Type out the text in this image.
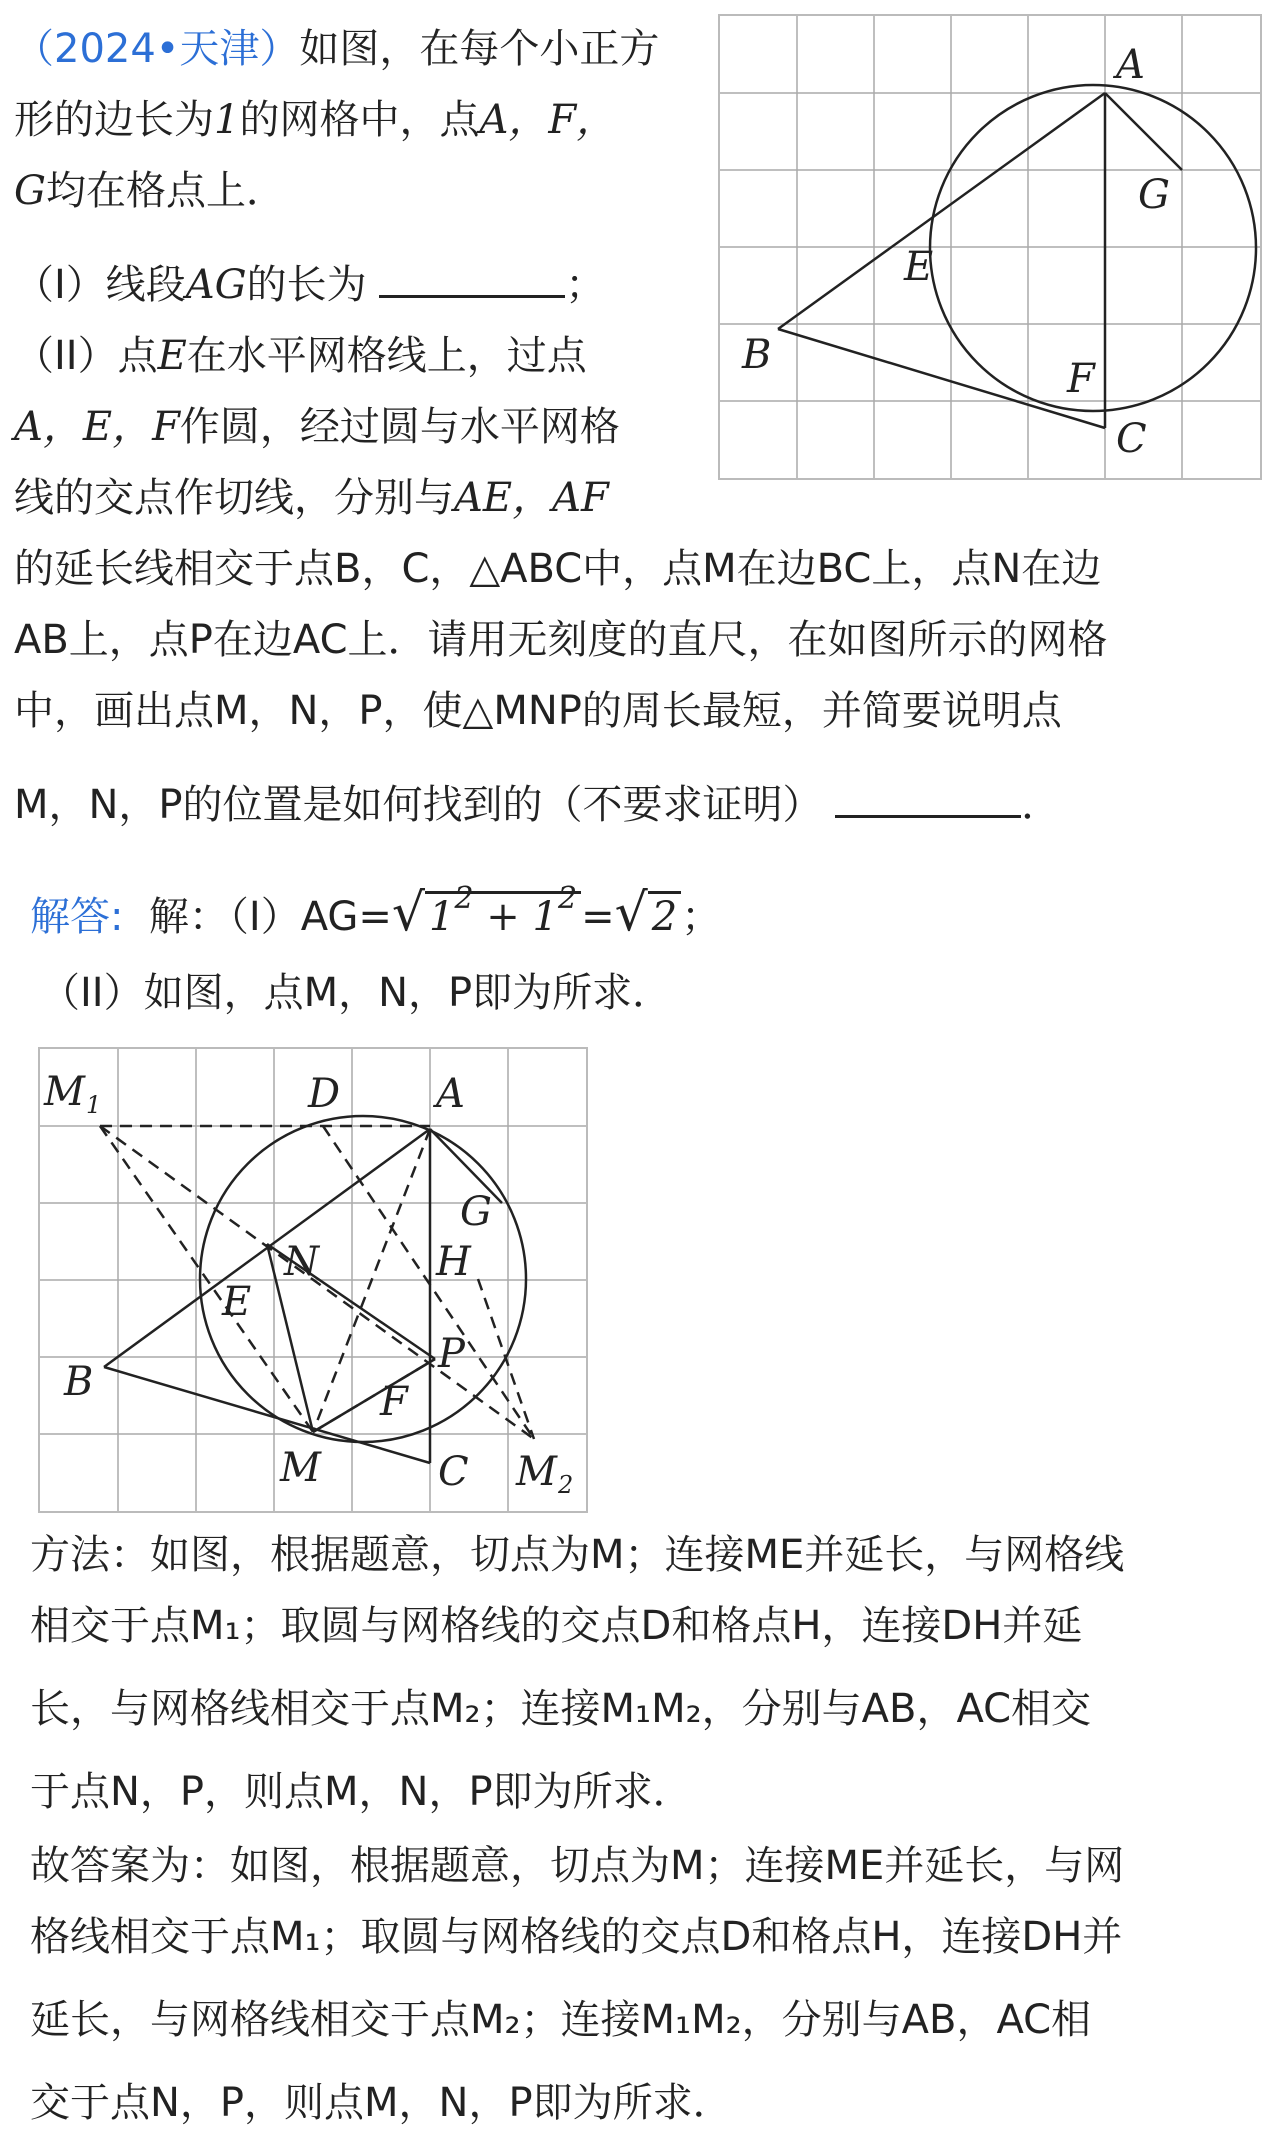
（2024•天津）如图，在每个小正方
形的边长为1的网格中，点A，F，
G均在格点上．
（I）线段AG的长为	；
（II）点E在水平网格线上，过点
A，E，F作圆，经过圆与水平网格
线的交点作切线，分别与AE，AF
的延长线相交于点B，C，△ABC中，点M在边BC上，点N在边
AB上，点P在边AC上．请用无刻度的直尺，在如图所示的网格
中，画出点M，N，P，使△MNP的周长最短，并简要说明点
M，N，P的位置是如何找到的（不要求证明）	．
A
G
E
B
F
C
解答: 解：（I）AG=√ $1^2 + 1^2$ =√ 2 ；
（II）如图，点M，N，P即为所求．
M 1	D A
G
N	H
E
P
B	F
M	C M 2
方法：如图，根据题意，切点为M；连接ME并延长，与网格线
相交于点M₁；取圆与网格线的交点D和格点H，连接DH并延
长，与网格线相交于点M₂；连接M₁M₂，分别与AB，AC相交
于点N，P，则点M，N，P即为所求．
故答案为：如图，根据题意，切点为M；连接ME并延长，与网
格线相交于点M₁；取圆与网格线的交点D和格点H，连接DH并
延长，与网格线相交于点M₂；连接M₁M₂，分别与AB，AC相
交于点N，P，则点M，N，P即为所求．
